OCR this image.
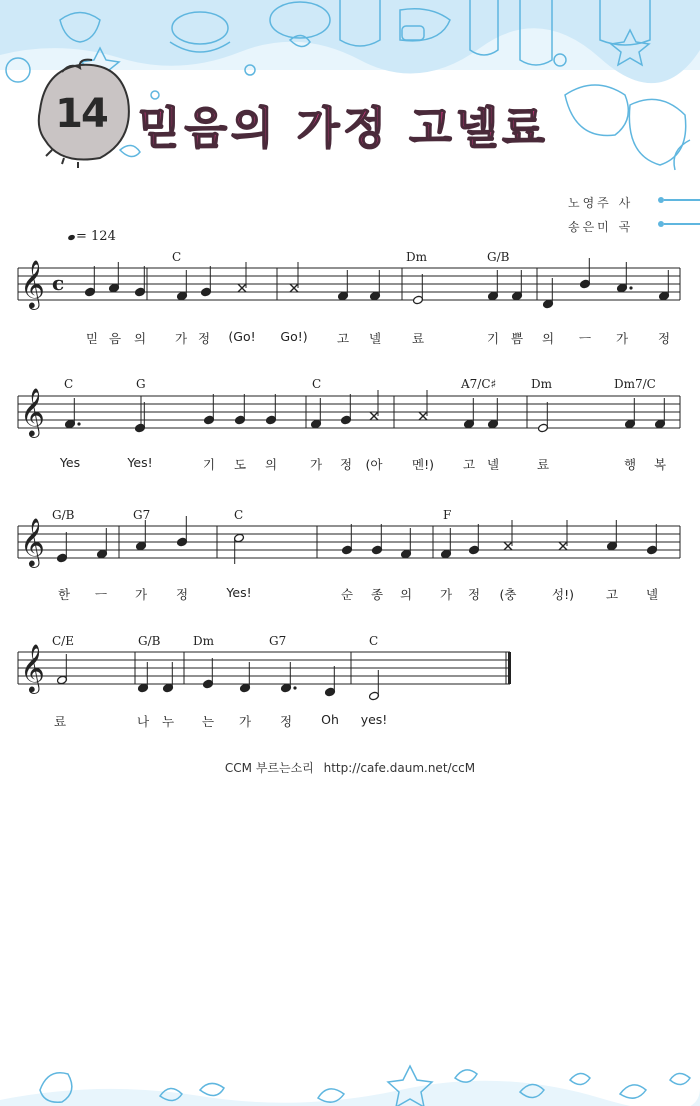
14 믿음의 가정 고넬료
노영주 사
송은미 곡
= 124
𝄞 c
𝄞
𝄞
𝄞
C	Dm	G/B
믿 음 의 가 정 (Go! Go!) 고 넬 료	기 쁨 의 ㅡ 가 정
C	G	C	A7/C♯	Dm	Dm7/C
Yes	Yes!	기 도 의	가 정 (아 멘!) 고 넬	료	행 복
G/B	G7	C	F
한 ㅡ 가 정	Yes!	순 종 의 가 정 (충	성!)	고 넬
C/E	G/B	Dm	G7	C
료	나 누 는 가 정 Oh yes!
CCM 부르는소리 http://cafe.daum.net/ccM
